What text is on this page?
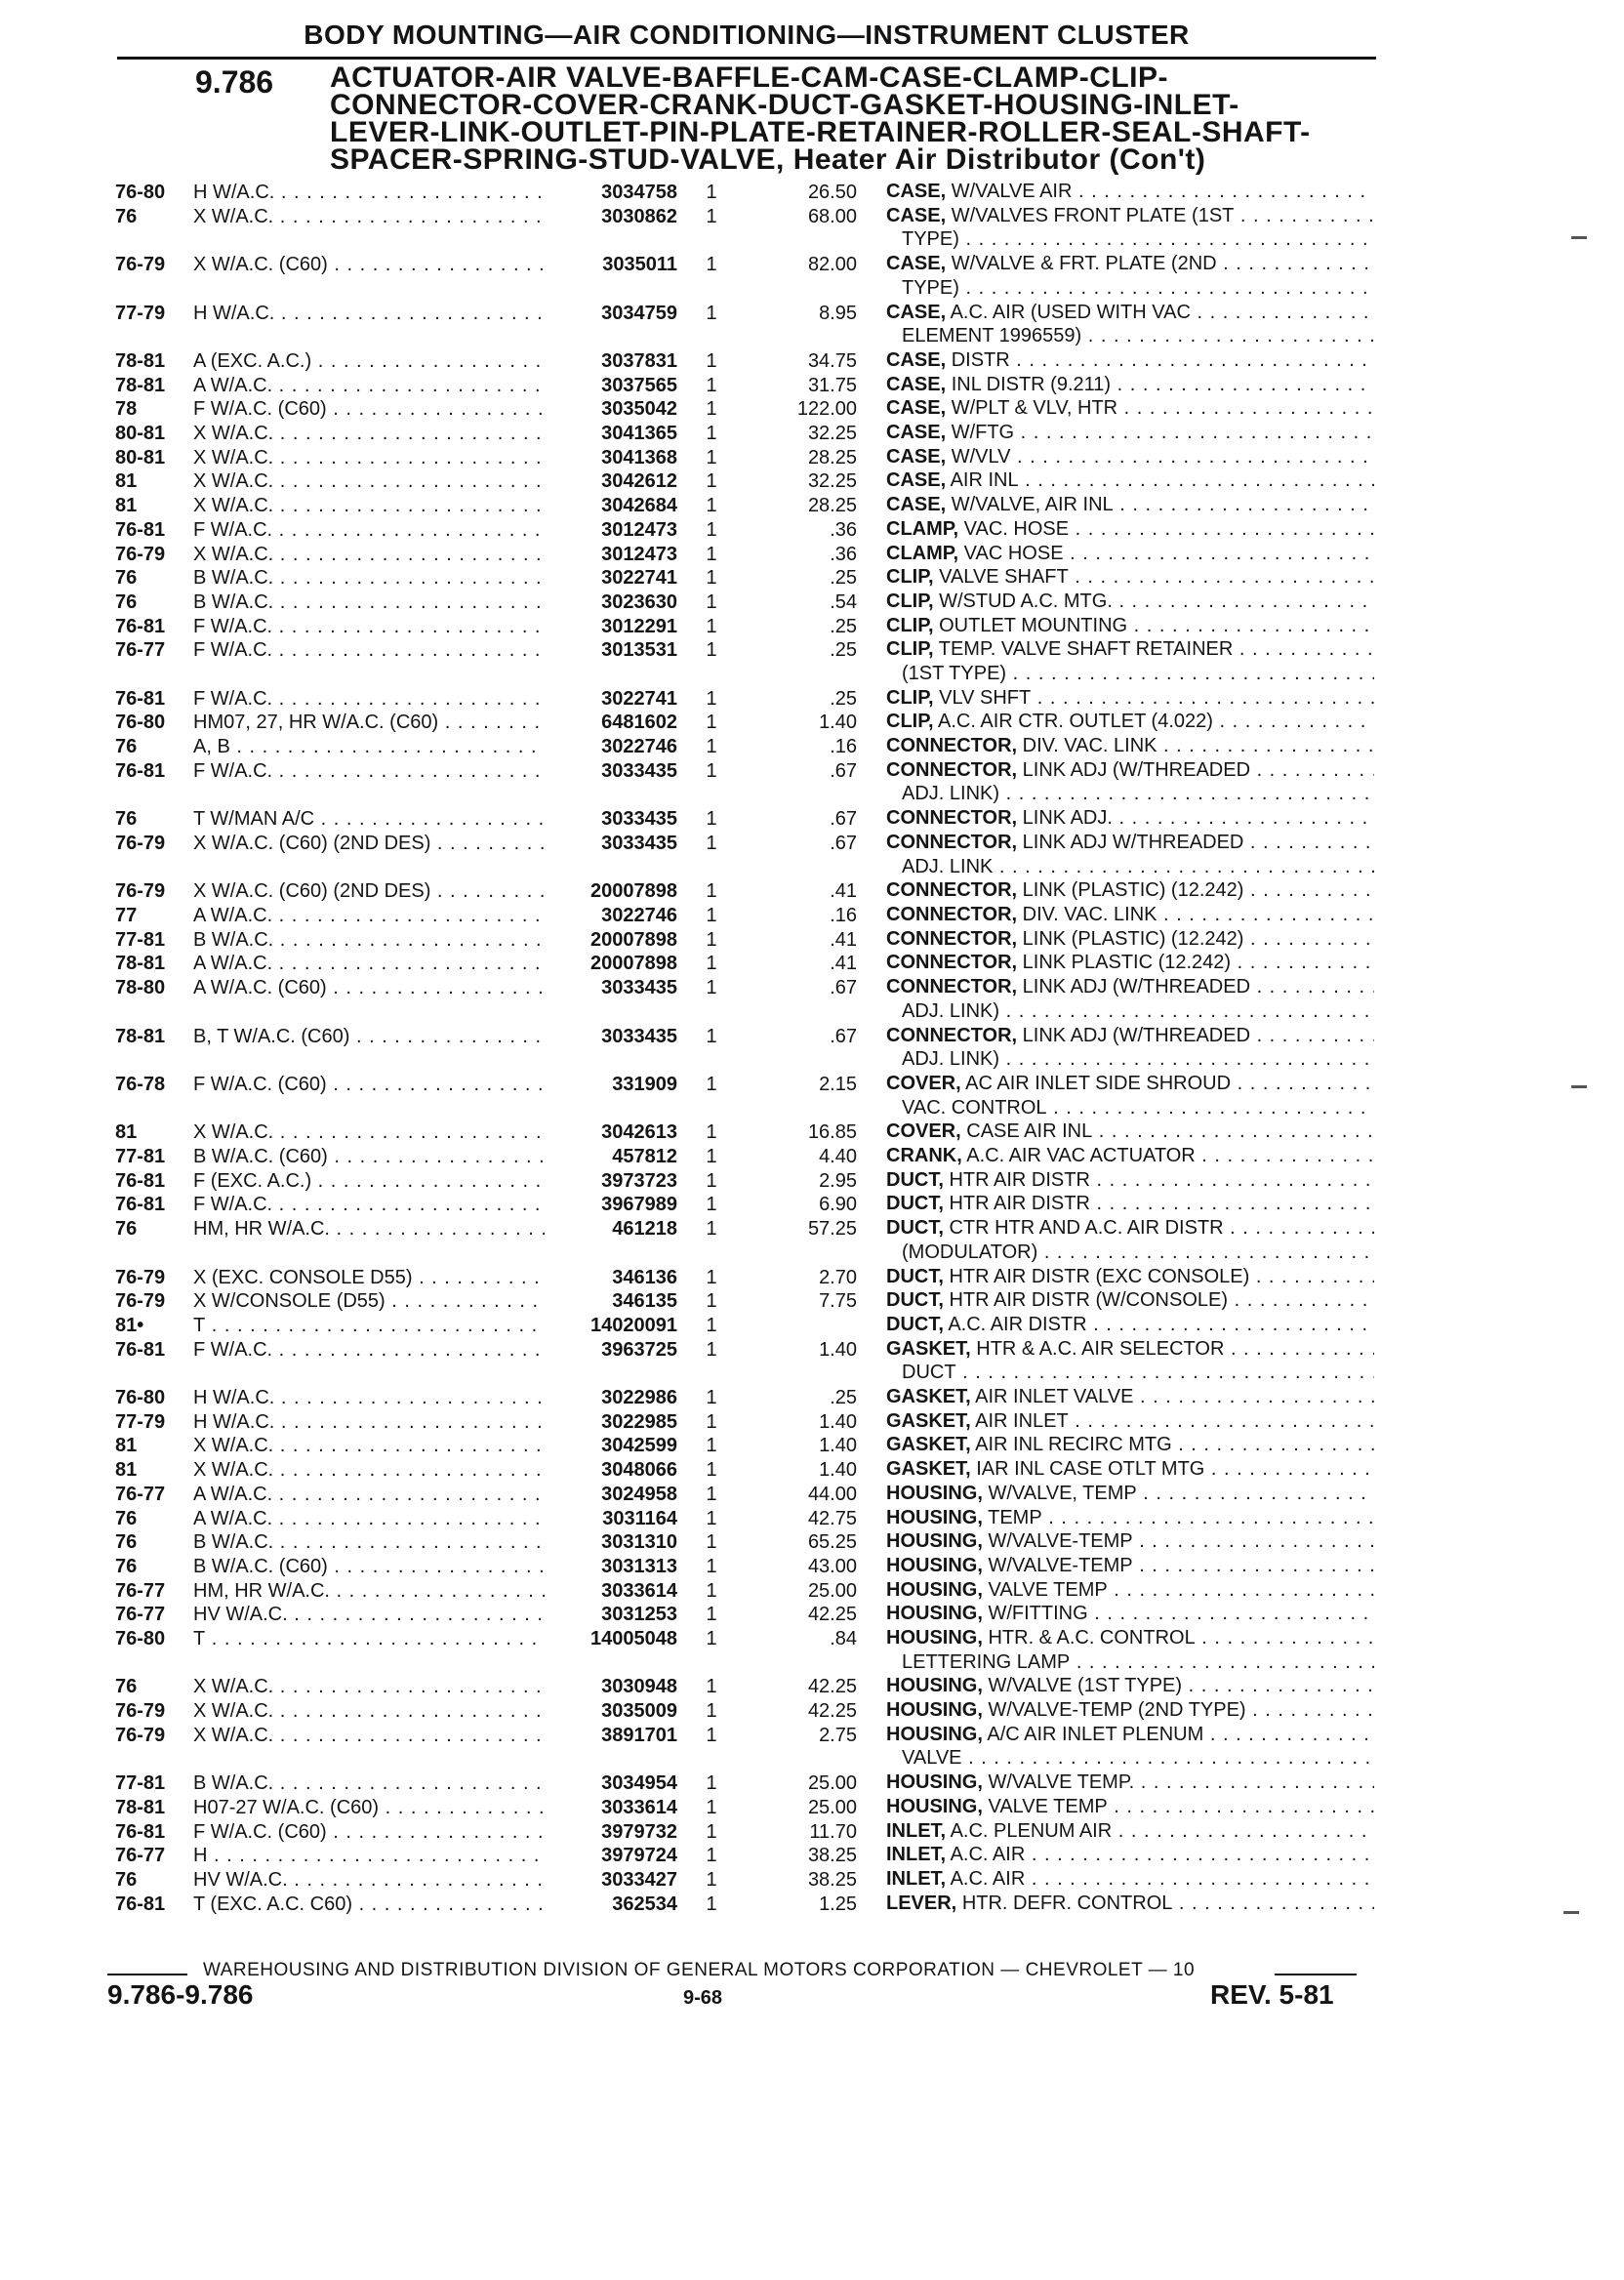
BODY MOUNTING—AIR CONDITIONING—INSTRUMENT CLUSTER
9.786 ACTUATOR-AIR VALVE-BAFFLE-CAM-CASE-CLAMP-CLIP-
CONNECTOR-COVER-CRANK-DUCT-GASKET-HOUSING-INLET-
LEVER-LINK-OUTLET-PIN-PLATE-RETAINER-ROLLER-SEAL-SHAFT-
SPACER-SPRING-STUD-VALVE, Heater Air Distributor (Con't)
76-80	H W/A.C. . . .	3034758	1	26.50 CASE, W/VALVE AIR . . .
76	X W/A.C. . . .	3030862	1	68.00 CASE, W/VALVES FRONT PLATE (1ST . . .
TYPE) . . .
76-79	X W/A.C. (C60) . . .	3035011	1	82.00 CASE, W/VALVE & FRT. PLATE (2ND . . .
TYPE) . . .
77-79	H W/A.C. . . .	3034759	1	8.95 CASE, A.C. AIR (USED WITH VAC . . .
ELEMENT 1996559) . . .
78-81	A (EXC. A.C.) . . .	3037831	1	34.75 CASE, DISTR . . .
78-81	A W/A.C. . . .	3037565	1	31.75 CASE, INL DISTR (9.211) . . .
78	F W/A.C. (C60) . . .	3035042	1	122.00 CASE, W/PLT & VLV, HTR . . .
80-81	X W/A.C. . . .	3041365	1	32.25 CASE, W/FTG . . .
80-81	X W/A.C. . . .	3041368	1	28.25 CASE, W/VLV . . .
81	X W/A.C. . . .	3042612	1	32.25 CASE, AIR INL . . .
81	X W/A.C. . . .	3042684	1	28.25 CASE, W/VALVE, AIR INL . . .
76-81	F W/A.C. . . .	3012473	1	.36 CLAMP, VAC. HOSE . . .
76-79	X W/A.C. . . .	3012473	1	.36 CLAMP, VAC HOSE . . .
76	B W/A.C. . . .	3022741	1	.25 CLIP, VALVE SHAFT . . .
76	B W/A.C. . . .	3023630	1	.54 CLIP, W/STUD A.C. MTG. . . .
76-81	F W/A.C. . . .	3012291	1	.25 CLIP, OUTLET MOUNTING . . .
76-77	F W/A.C. . . .	3013531	1	.25 CLIP, TEMP. VALVE SHAFT RETAINER . . .
(1ST TYPE) . . .
76-81	F W/A.C. . . .	3022741	1	.25 CLIP, VLV SHFT . . .
76-80	HM07, 27, HR W/A.C. (C60) . . .	6481602	1	1.40 CLIP, A.C. AIR CTR. OUTLET (4.022) . . .
76	A, B . . .	3022746	1	.16 CONNECTOR, DIV. VAC. LINK . . .
76-81	F W/A.C. . . .	3033435	1	.67 CONNECTOR, LINK ADJ (W/THREADED . . .
ADJ. LINK) . . .
76	T W/MAN A/C . . .	3033435	1	.67 CONNECTOR, LINK ADJ. . . .
76-79	X W/A.C. (C60) (2ND DES) . . .	3033435	1	.67 CONNECTOR, LINK ADJ W/THREADED . . .
ADJ. LINK . . .
76-79	X W/A.C. (C60) (2ND DES) . . .	20007898	1	.41 CONNECTOR, LINK (PLASTIC) (12.242) . . .
77	A W/A.C. . . .	3022746	1	.16 CONNECTOR, DIV. VAC. LINK . . .
77-81	B W/A.C. . . .	20007898	1	.41 CONNECTOR, LINK (PLASTIC) (12.242) . . .
78-81	A W/A.C. . . .	20007898	1	.41 CONNECTOR, LINK PLASTIC (12.242) . . .
78-80	A W/A.C. (C60) . . .	3033435	1	.67 CONNECTOR, LINK ADJ (W/THREADED . . .
ADJ. LINK) . . .
78-81	B, T W/A.C. (C60) . . .	3033435	1	.67 CONNECTOR, LINK ADJ (W/THREADED . . .
ADJ. LINK) . . .
76-78	F W/A.C. (C60) . . .	331909	1	2.15 COVER, AC AIR INLET SIDE SHROUD . . .
VAC. CONTROL . . .
81	X W/A.C. . . .	3042613	1	16.85 COVER, CASE AIR INL . . .
77-81	B W/A.C. (C60) . . .	457812	1	4.40 CRANK, A.C. AIR VAC ACTUATOR . . .
76-81	F (EXC. A.C.) . . .	3973723	1	2.95 DUCT, HTR AIR DISTR . . .
76-81	F W/A.C. . . .	3967989	1	6.90 DUCT, HTR AIR DISTR . . .
76	HM, HR W/A.C. . . .	461218	1	57.25 DUCT, CTR HTR AND A.C. AIR DISTR . . .
(MODULATOR) . . .
76-79	X (EXC. CONSOLE D55) . . .	346136	1	2.70 DUCT, HTR AIR DISTR (EXC CONSOLE) . . .
76-79	X W/CONSOLE (D55) . . .	346135	1	7.75 DUCT, HTR AIR DISTR (W/CONSOLE) . . .
81•	T . . .	14020091	1	DUCT, A.C. AIR DISTR . . .
76-81	F W/A.C. . . .	3963725	1	1.40 GASKET, HTR & A.C. AIR SELECTOR . . .
DUCT . . .
76-80	H W/A.C. . . .	3022986	1	.25 GASKET, AIR INLET VALVE . . .
77-79	H W/A.C. . . .	3022985	1	1.40 GASKET, AIR INLET . . .
81	X W/A.C. . . .	3042599	1	1.40 GASKET, AIR INL RECIRC MTG . . .
81	X W/A.C. . . .	3048066	1	1.40 GASKET, IAR INL CASE OTLT MTG . . .
76-77	A W/A.C. . . .	3024958	1	44.00 HOUSING, W/VALVE, TEMP . . .
76	A W/A.C. . . .	3031164	1	42.75 HOUSING, TEMP . . .
76	B W/A.C. . . .	3031310	1	65.25 HOUSING, W/VALVE-TEMP . . .
76	B W/A.C. (C60) . . .	3031313	1	43.00 HOUSING, W/VALVE-TEMP . . .
76-77	HM, HR W/A.C. . . .	3033614	1	25.00 HOUSING, VALVE TEMP . . .
76-77	HV W/A.C. . . .	3031253	1	42.25 HOUSING, W/FITTING . . .
76-80	T . . .	14005048	1	.84 HOUSING, HTR. & A.C. CONTROL . . .
LETTERING LAMP . . .
76	X W/A.C. . . .	3030948	1	42.25 HOUSING, W/VALVE (1ST TYPE) . . .
76-79	X W/A.C. . . .	3035009	1	42.25 HOUSING, W/VALVE-TEMP (2ND TYPE) . . .
76-79	X W/A.C. . . .	3891701	1	2.75 HOUSING, A/C AIR INLET PLENUM . . .
VALVE . . .
77-81	B W/A.C. . . .	3034954	1	25.00 HOUSING, W/VALVE TEMP. . . .
78-81	H07-27 W/A.C. (C60) . . .	3033614	1	25.00 HOUSING, VALVE TEMP . . .
76-81	F W/A.C. (C60) . . .	3979732	1	11.70 INLET, A.C. PLENUM AIR . . .
76-77	H . . .	3979724	1	38.25 INLET, A.C. AIR . . .
76	HV W/A.C. . . .	3033427	1	38.25 INLET, A.C. AIR . . .
76-81	T (EXC. A.C. C60) . . .	362534	1	1.25 LEVER, HTR. DEFR. CONTROL . . .
WAREHOUSING AND DISTRIBUTION DIVISION OF GENERAL MOTORS CORPORATION — CHEVROLET — 10
9.786-9.786	9-68	REV. 5-81
